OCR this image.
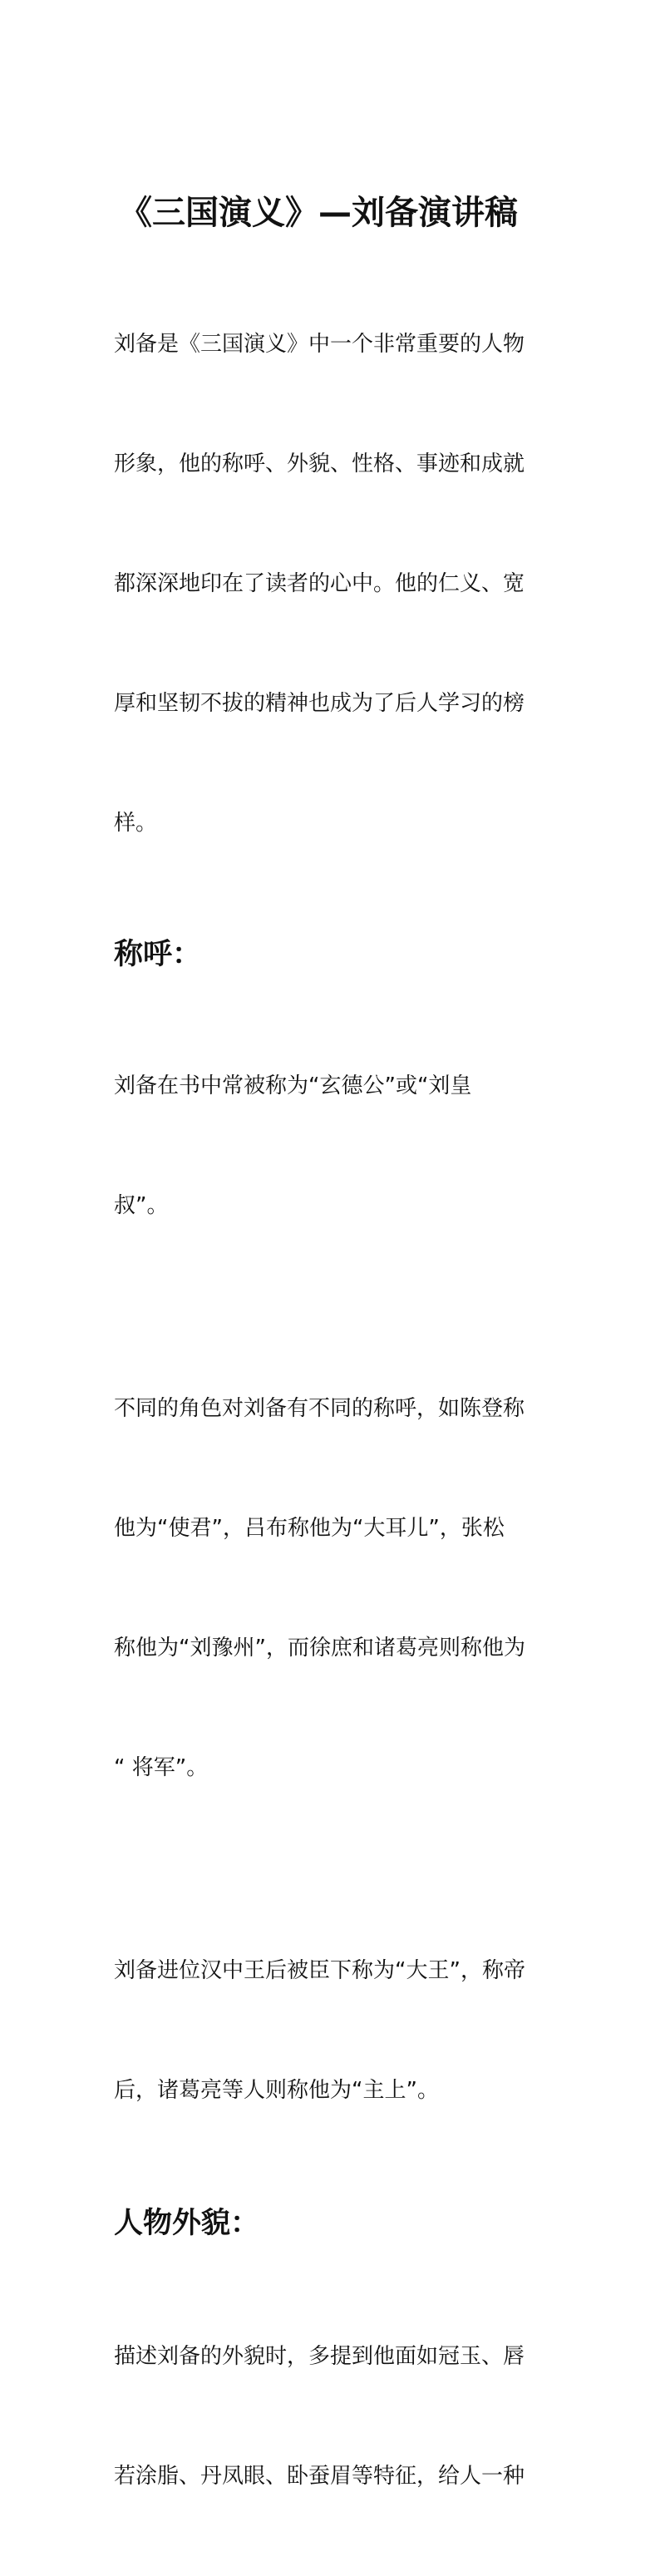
《三国演义》—刘备演讲稿

刘备是《三国演义》中一个非常重要的人物

形象，他的称呼、外貌、性格、事迹和成就

都深深地印在了读者的心中。他的仁义、宽

厚和坚韧不拔的精神也成为了后人学习的榜

样。

称呼：

刘备在书中常被称为“玄德公”或“刘皇

叔”。

不同的角色对刘备有不同的称呼，如陈登称

他为“使君”，吕布称他为“大耳儿”，张松

称他为“刘豫州”，而徐庶和诸葛亮则称他为

“ 将军”。

刘备进位汉中王后被臣下称为“大王”，称帝

后，诸葛亮等人则称他为“主上”。

人物外貌：

描述刘备的外貌时，多提到他面如冠玉、唇

若涂脂、丹凤眼、卧蚕眉等特征，给人一种
